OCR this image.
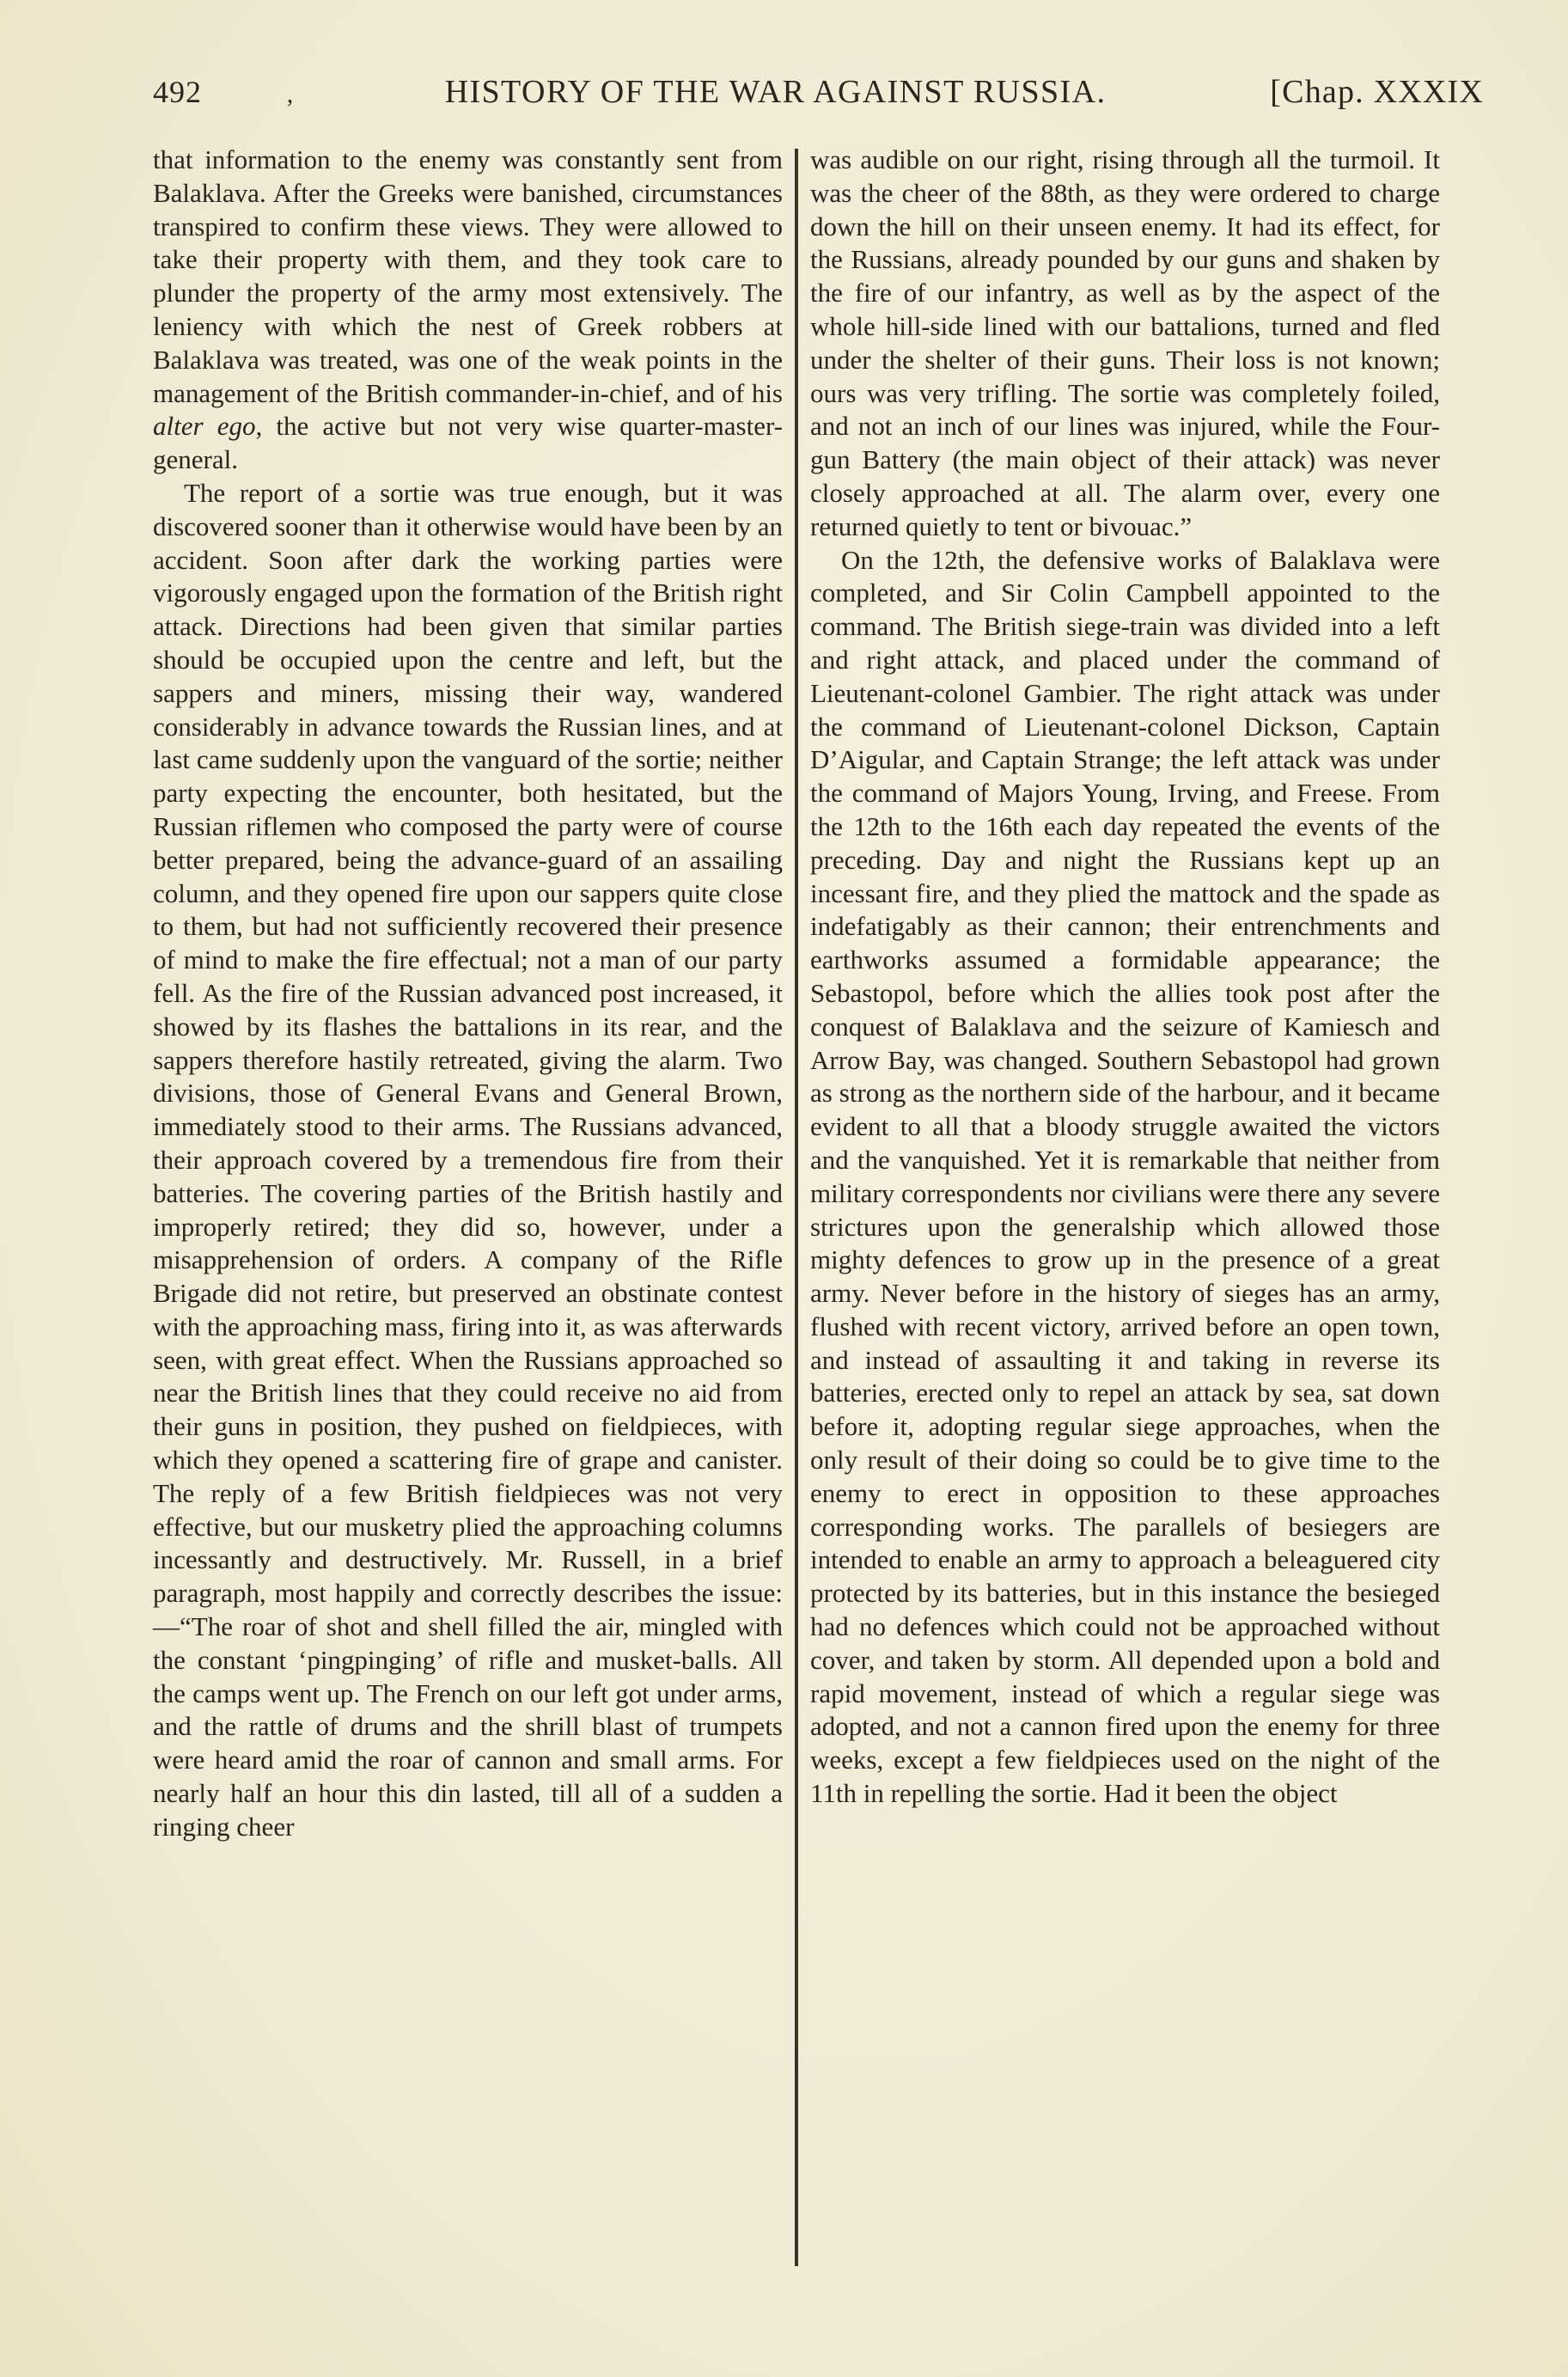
492	,	HISTORY OF THE WAR AGAINST RUSSIA.	[Chap. XXXIX

that information to the enemy was constantly sent from Balaklava. After the Greeks were banished, circumstances transpired to confirm these views. They were allowed to take their property with them, and they took care to plunder the property of the army most extensively. The leniency with which the nest of Greek robbers at Balaklava was treated, was one of the weak points in the management of the British commander-in-chief, and of his alter ego, the active but not very wise quarter-master-general.

The report of a sortie was true enough, but it was discovered sooner than it otherwise would have been by an accident. Soon after dark the working parties were vigorously engaged upon the formation of the British right attack. Directions had been given that similar parties should be occupied upon the centre and left, but the sappers and miners, missing their way, wandered considerably in advance towards the Russian lines, and at last came suddenly upon the vanguard of the sortie; neither party expecting the encounter, both hesitated, but the Russian riflemen who composed the party were of course better prepared, being the advance-guard of an assailing column, and they opened fire upon our sappers quite close to them, but had not sufficiently recovered their presence of mind to make the fire effectual; not a man of our party fell. As the fire of the Russian advanced post increased, it showed by its flashes the battalions in its rear, and the sappers therefore hastily retreated, giving the alarm. Two divisions, those of General Evans and General Brown, immediately stood to their arms. The Russians advanced, their approach covered by a tremendous fire from their batteries. The covering parties of the British hastily and improperly retired; they did so, however, under a misapprehension of orders. A company of the Rifle Brigade did not retire, but preserved an obstinate contest with the approaching mass, firing into it, as was afterwards seen, with great effect. When the Russians approached so near the British lines that they could receive no aid from their guns in position, they pushed on fieldpieces, with which they opened a scattering fire of grape and canister. The reply of a few British fieldpieces was not very effective, but our musketry plied the approaching columns incessantly and destructively. Mr. Russell, in a brief paragraph, most happily and correctly describes the issue:—“The roar of shot and shell filled the air, mingled with the constant ‘pingpinging’ of rifle and musket-balls. All the camps went up. The French on our left got under arms, and the rattle of drums and the shrill blast of trumpets were heard amid the roar of cannon and small arms. For nearly half an hour this din lasted, till all of a sudden a ringing cheer

was audible on our right, rising through all the turmoil. It was the cheer of the 88th, as they were ordered to charge down the hill on their unseen enemy. It had its effect, for the Russians, already pounded by our guns and shaken by the fire of our infantry, as well as by the aspect of the whole hill-side lined with our battalions, turned and fled under the shelter of their guns. Their loss is not known; ours was very trifling. The sortie was completely foiled, and not an inch of our lines was injured, while the Four-gun Battery (the main object of their attack) was never closely approached at all. The alarm over, every one returned quietly to tent or bivouac.”

On the 12th, the defensive works of Balaklava were completed, and Sir Colin Campbell appointed to the command. The British siege-train was divided into a left and right attack, and placed under the command of Lieutenant-colonel Gambier. The right attack was under the command of Lieutenant-colonel Dickson, Captain D’Aigular, and Captain Strange; the left attack was under the command of Majors Young, Irving, and Freese. From the 12th to the 16th each day repeated the events of the preceding. Day and night the Russians kept up an incessant fire, and they plied the mattock and the spade as indefatigably as their cannon; their entrenchments and earthworks assumed a formidable appearance; the Sebastopol, before which the allies took post after the conquest of Balaklava and the seizure of Kamiesch and Arrow Bay, was changed. Southern Sebastopol had grown as strong as the northern side of the harbour, and it became evident to all that a bloody struggle awaited the victors and the vanquished. Yet it is remarkable that neither from military correspondents nor civilians were there any severe strictures upon the generalship which allowed those mighty defences to grow up in the presence of a great army. Never before in the history of sieges has an army, flushed with recent victory, arrived before an open town, and instead of assaulting it and taking in reverse its batteries, erected only to repel an attack by sea, sat down before it, adopting regular siege approaches, when the only result of their doing so could be to give time to the enemy to erect in opposition to these approaches corresponding works. The parallels of besiegers are intended to enable an army to approach a beleaguered city protected by its batteries, but in this instance the besieged had no defences which could not be approached without cover, and taken by storm. All depended upon a bold and rapid movement, instead of which a regular siege was adopted, and not a cannon fired upon the enemy for three weeks, except a few fieldpieces used on the night of the 11th in repelling the sortie. Had it been the object
